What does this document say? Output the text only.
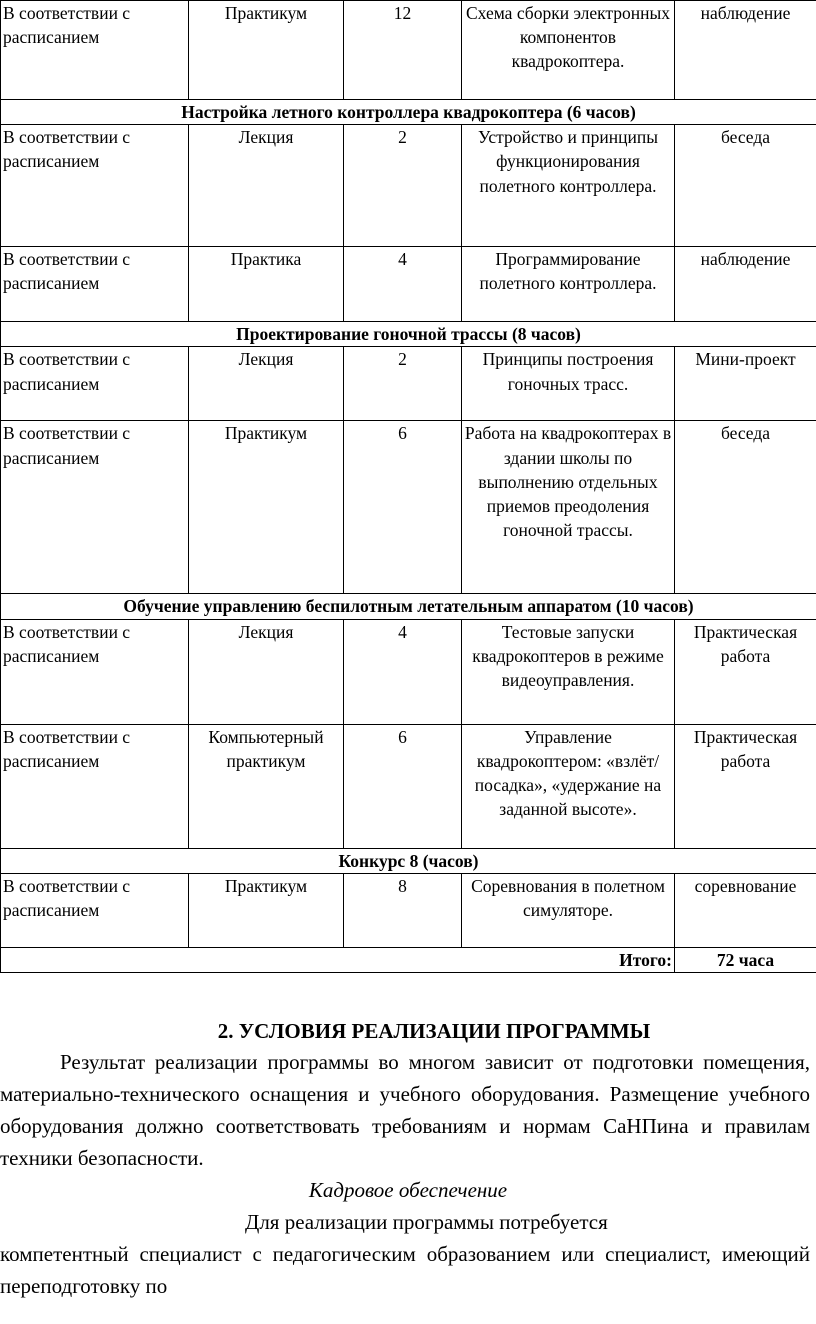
В соответствии с расписанием	Практикум	12	Схема сборки электронных компонентов квадрокоптера.	наблюдение
Настройка летного контроллера квадрокоптера (6 часов)				
В соответствии с расписанием	Лекция	2	Устройство и принципы функционирования полетного контроллера.	беседа
В соответствии с расписанием	Практика	4	Программирование полетного контроллера.	наблюдение
Проектирование гоночной трассы (8 часов)				
В соответствии с расписанием	Лекция	2	Принципы построения гоночных трасс.	Мини-проект
В соответствии с расписанием	Практикум	6	Работа на квадрокоптерах в здании школы по выполнению отдельных приемов преодоления гоночной трассы.	беседа
Обучение управлению беспилотным летательным аппаратом (10 часов)				
В соответствии с расписанием	Лекция	4	Тестовые запуски квадрокоптеров в режиме видеоуправления.	Практическая работа
В соответствии с расписанием	Компьютерный практикум	6	Управление квадрокоптером: «взлёт/посадка», «удержание на заданной высоте».	Практическая работа
Конкурс 8 (часов)				
В соответствии с расписанием	Практикум	8	Соревнования в полетном симуляторе.	соревнование
Итого:				72 часа

2. УСЛОВИЯ РЕАЛИЗАЦИИ ПРОГРАММЫ

Результат реализации программы во многом зависит от подготовки помещения, материально-технического оснащения и учебного оборудования. Размещение учебного оборудования должно соответствовать требованиям и нормам СаНПина и правилам техники безопасности.

Кадровое обеспечение

Для реализации программы потребуется
компетентный специалист с педагогическим образованием или специалист, имеющий переподготовку по
